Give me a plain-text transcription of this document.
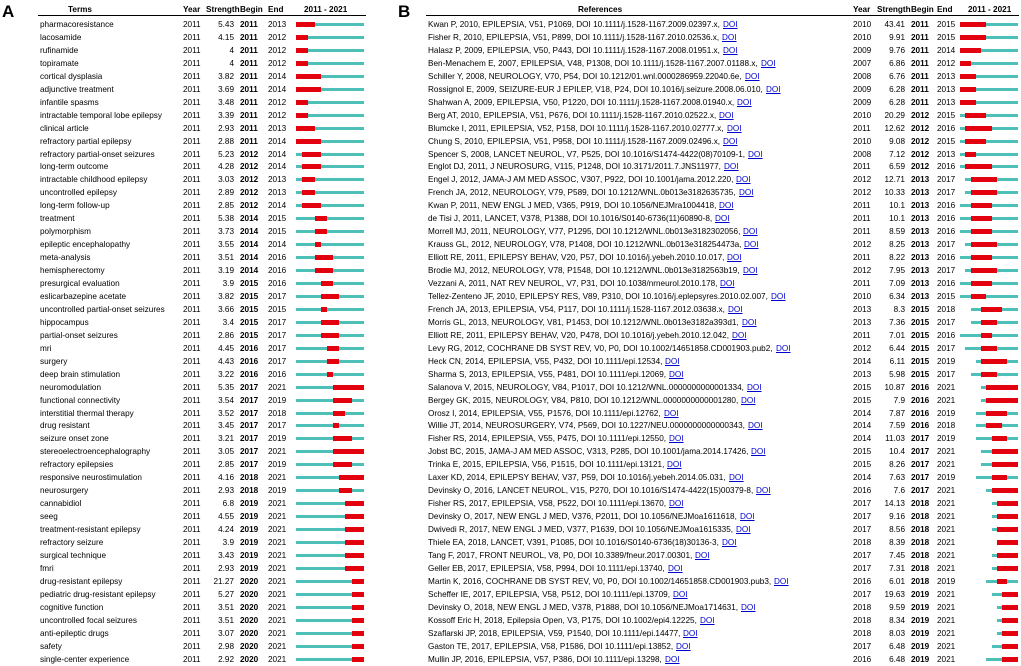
A	B
Terms	Year Strength Begin End	2011 - 2021
pharmacoresistance	2011	5.43 2011 2013
lacosamide	2011	4.15 2011 2012
rufinamide	2011	4 2011 2012
topiramate	2011	4 2011 2012
cortical dysplasia	2011	3.82 2011 2014
adjunctive treatment	2011	3.69 2011 2014
infantile spasms	2011	3.48 2011 2012
intractable temporal lobe epilepsy	2011	3.39 2011 2012
clinical article	2011	2.93 2011 2013
refractory partial epilepsy	2011	2.88 2011 2014
refractory partial-onset seizures	2011	5.23 2012 2014
long-term outcome	2011	4.28 2012 2014
intractable childhood epilepsy	2011	3.03 2012 2013
uncontrolled epilepsy	2011	2.89 2012 2013
long-term follow-up	2011	2.85 2012 2014
treatment	2011	5.38 2014 2015
polymorphism	2011	3.73 2014 2015
epileptic encephalopathy	2011	3.55 2014 2014
meta-analysis	2011	3.51 2014 2016
hemispherectomy	2011	3.19 2014 2016
presurgical evaluation	2011	3.9 2015 2016
eslicarbazepine acetate	2011	3.82 2015 2017
uncontrolled partial-onset seizures 2011	3.66 2015 2015
hippocampus	2011	3.4 2015 2017
partial-onset seizures	2011	2.86 2015 2017
mri	2011	4.45 2016 2017
surgery	2011	4.43 2016 2017
deep brain stimulation	2011	3.22 2016 2016
neuromodulation	2011	5.35 2017 2021
functional connectivity	2011	3.54 2017 2019
interstitial thermal therapy	2011	3.52 2017 2018
drug resistant	2011	3.45 2017 2017
seizure onset zone	2011	3.21 2017 2019
stereoelectroencephalography	2011	3.05 2017 2021
refractory epilepsies	2011	2.85 2017 2019
responsive neurostimulation	2011	4.16 2018 2021
neurosurgery	2011	2.93 2018 2019
cannabidiol	2011	6.8 2019 2021
seeg	2011	4.55 2019 2021
treatment-resistant epilepsy	2011	4.24 2019 2021
refractory seizure	2011	3.9 2019 2021
surgical technique	2011	3.43 2019 2021
fmri	2011	2.93 2019 2021
drug-resistant epilepsy	2011	21.27 2020 2021
pediatric drug-resistant epilepsy	2011	5.27 2020 2021
cognitive function	2011	3.51 2020 2021
uncontrolled focal seizures	2011	3.51 2020 2021
anti-epileptic drugs	2011	3.07 2020 2021
safety	2011	2.98 2020 2021
single-center experience	2011	2.92 2020 2021
References	Year Strength Begin End 2011 - 2021
Kwan P, 2010, EPILEPSIA, V51, P1069, DOI 10.1111/j.1528-1167.2009.02397.x,	2010	43.41 2011 2015
DOI
Fisher R, 2010, EPILEPSIA, V51, P899, DOI 10.1111/j.1528-1167.2010.02536.x,	2010	9.91 2011 2015
DOI
Halasz P, 2009, EPILEPSIA, V50, P443, DOI 10.1111/j.1528-1167.2008.01951.x,	2009	9.76 2011 2014
DOI
Ben-Menachem E, 2007, EPILEPSIA, V48, P1308, DOI 10.1111/j.1528-1167.2007.01188.x,	2007	6.86 2011 2012
DOI
Schiller Y, 2008, NEUROLOGY, V70, P54, DOI 10.1212/01.wnl.0000286959.22040.6e,	2008	6.76 2011 2013
DOI
Rossignol E, 2009, SEIZURE-EUR J EPILEP, V18, P24, DOI 10.1016/j.seizure.2008.06.010,	2009	6.28 2011 2013
DOI
Shahwan A, 2009, EPILEPSIA, V50, P1220, DOI 10.1111/j.1528-1167.2008.01940.x,	2009	6.28 2011 2013
DOI
Berg AT, 2010, EPILEPSIA, V51, P676, DOI 10.1111/j.1528-1167.2010.02522.x,	2010	20.29 2012 2015
DOI
Blumcke I, 2011, EPILEPSIA, V52, P158, DOI 10.1111/j.1528-1167.2010.02777.x,	2011	12.62 2012 2016
DOI
Chung S, 2010, EPILEPSIA, V51, P958, DOI 10.1111/j.1528-1167.2009.02496.x,	2010	9.08 2012 2015
DOI
Spencer S, 2008, LANCET NEUROL, V7, P525, DOI 10.1016/S1474-4422(08)70109-1,	2008	7.12 2012 2013
DOI
Englot DJ, 2011, J NEUROSURG, V115, P1248, DOI 10.3171/2011.7.JNS11977,	2011	6.59 2012 2016
DOI
Engel J, 2012, JAMA-J AM MED ASSOC, V307, P922, DOI 10.1001/jama.2012.220,	2012	12.71 2013 2017
DOI
French JA, 2012, NEUROLOGY, V79, P589, DOI 10.1212/WNL.0b013e3182635735,	2012	10.33 2013 2017
DOI
Kwan P, 2011, NEW ENGL J MED, V365, P919, DOI 10.1056/NEJMra1004418,	2011	10.1 2013 2016
DOI
de Tisi J, 2011, LANCET, V378, P1388, DOI 10.1016/S0140-6736(11)60890-8,	2011	10.1 2013 2016
DOI
Morrell MJ, 2011, NEUROLOGY, V77, P1295, DOI 10.1212/WNL.0b013e3182302056,	2011	8.59 2013 2016
DOI
Krauss GL, 2012, NEUROLOGY, V78, P1408, DOI 10.1212/WNL.0b013e318254473a,	2012	8.25 2013 2017
DOI
Elliott RE, 2011, EPILEPSY BEHAV, V20, P57, DOI 10.1016/j.yebeh.2010.10.017,	2011	8.22 2013 2016
DOI
Brodie MJ, 2012, NEUROLOGY, V78, P1548, DOI 10.1212/WNL.0b013e3182563b19,	2012	7.95 2013 2017
DOI
Vezzani A, 2011, NAT REV NEUROL, V7, P31, DOI 10.1038/nrneurol.2010.178,	2011	7.09 2013 2016
DOI
Tellez-Zenteno JF, 2010, EPILEPSY RES, V89, P310, DOI 10.1016/j.eplepsyres.2010.02.007,	2010	6.34 2013 2015
DOI
French JA, 2013, EPILEPSIA, V54, P117, DOI 10.1111/j.1528-1167.2012.03638.x,	2013	8.3 2015 2018
DOI
Morris GL, 2013, NEUROLOGY, V81, P1453, DOI 10.1212/WNL.0b013e3182a393d1,	2013	7.36 2015 2017
DOI
Elliott RE, 2011, EPILEPSY BEHAV, V20, P478, DOI 10.1016/j.yebeh.2010.12.042,	2011	7.01 2015 2016
DOI
Levy RG, 2012, COCHRANE DB SYST REV, V0, P0, DOI 10.1002/14651858.CD001903.pub2,	2012	6.44 2015 2017
DOI
Heck CN, 2014, EPILEPSIA, V55, P432, DOI 10.1111/epi.12534,	2014	6.11 2015 2019
DOI
Sharma S, 2013, EPILEPSIA, V55, P481, DOI 10.1111/epi.12069,	2013	5.98 2015 2017
DOI
Salanova V, 2015, NEUROLOGY, V84, P1017, DOI 10.1212/WNL.0000000000001334,	2015	10.87 2016 2021
DOI
Bergey GK, 2015, NEUROLOGY, V84, P810, DOI 10.1212/WNL.0000000000001280,	2015	7.9 2016 2021
DOI
Orosz I, 2014, EPILEPSIA, V55, P1576, DOI 10.1111/epi.12762,	2014	7.87 2016 2019
DOI
Willie JT, 2014, NEUROSURGERY, V74, P569, DOI 10.1227/NEU.0000000000000343,	2014	7.59 2016 2018
DOI
Fisher RS, 2014, EPILEPSIA, V55, P475, DOI 10.1111/epi.12550,	2014	11.03 2017 2019
DOI
Jobst BC, 2015, JAMA-J AM MED ASSOC, V313, P285, DOI 10.1001/jama.2014.17426,	2015	10.4 2017 2021
DOI
Trinka E, 2015, EPILEPSIA, V56, P1515, DOI 10.1111/epi.13121,	2015	8.26 2017 2021
DOI
Laxer KD, 2014, EPILEPSY BEHAV, V37, P59, DOI 10.1016/j.yebeh.2014.05.031,	2014	7.63 2017 2019
DOI
Devinsky O, 2016, LANCET NEUROL, V15, P270, DOI 10.1016/S1474-4422(15)00379-8,	2016	7.6 2017 2021
DOI
Fisher RS, 2017, EPILEPSIA, V58, P522, DOI 10.1111/epi.13670,	2017	14.13 2018 2021
DOI
Devinsky O, 2017, NEW ENGL J MED, V376, P2011, DOI 10.1056/NEJMoa1611618,	2017	9.16 2018 2021
DOI
Dwivedi R, 2017, NEW ENGL J MED, V377, P1639, DOI 10.1056/NEJMoa1615335,	2017	8.56 2018 2021
DOI
Thiele EA, 2018, LANCET, V391, P1085, DOI 10.1016/S0140-6736(18)30136-3,	2018	8.39 2018 2021
DOI
Tang F, 2017, FRONT NEUROL, V8, P0, DOI 10.3389/fneur.2017.00301,	2017	7.45 2018 2021
DOI
Geller EB, 2017, EPILEPSIA, V58, P994, DOI 10.1111/epi.13740,	2017	7.31 2018 2021
DOI
Martin K, 2016, COCHRANE DB SYST REV, V0, P0, DOI 10.1002/14651858.CD001903.pub3,	2016	6.01 2018 2019
DOI
Scheffer IE, 2017, EPILEPSIA, V58, P512, DOI 10.1111/epi.13709,	2017	19.63 2019 2021
DOI
Devinsky O, 2018, NEW ENGL J MED, V378, P1888, DOI 10.1056/NEJMoa1714631,	2018	9.59 2019 2021
DOI
Kossoff Eric H, 2018, Epilepsia Open, V3, P175, DOI 10.1002/epi4.12225,	2018	8.34 2019 2021
DOI
Szaflarski JP, 2018, EPILEPSIA, V59, P1540, DOI 10.1111/epi.14477,	2018	8.03 2019 2021
DOI
Gaston TE, 2017, EPILEPSIA, V58, P1586, DOI 10.1111/epi.13852,	2017	6.48 2019 2021
DOI
Mullin JP, 2016, EPILEPSIA, V57, P386, DOI 10.1111/epi.13298,	2016	6.48 2019 2021
DOI
